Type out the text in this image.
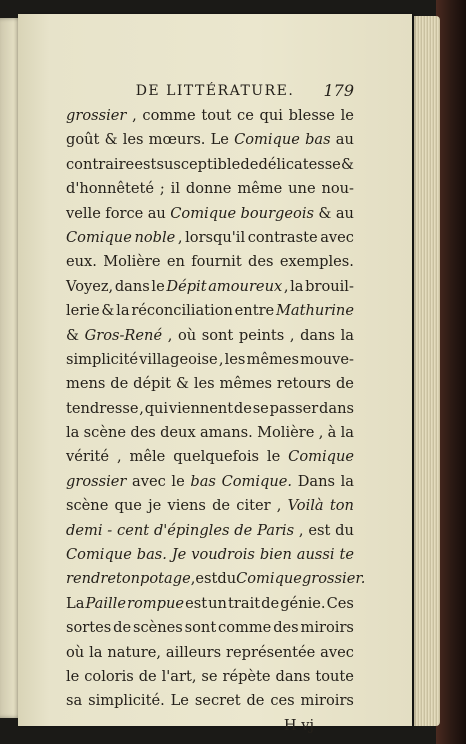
DE LITTÉRATURE. 179
grossier , comme tout ce qui blesse le
goût & les mœurs. Le Comique bas au
contraire est susceptible de délicatesse &
d'honnêteté ; il donne même une nou-
velle force au Comique bourgeois & au
Comique noble , lorsqu'il contraste avec
eux. Molière en fournit des exemples.
Voyez, dans le Dépit amoureux , la brouil-
lerie & la réconciliation entre Mathurine
& Gros-René , où sont peints , dans la
simplicité villageoise , les mêmes mouve-
mens de dépit & les mêmes retours de
tendresse , qui viennent de se passer dans
la scène des deux amans. Molière , à la
vérité , mêle quelquefois le Comique
grossier avec le bas Comique. Dans la
scène que je viens de citer , Voilà ton
demi - cent d'épingles de Paris , est du
Comique bas. Je voudrois bien aussi te
rendre ton potage , est du Comique grossier.
La Paille rompue est un trait de génie. Ces
sortes de scènes sont comme des miroirs
où la nature, ailleurs représentée avec
le coloris de l'art, se répète dans toute
sa simplicité. Le secret de ces miroirs
H vj
